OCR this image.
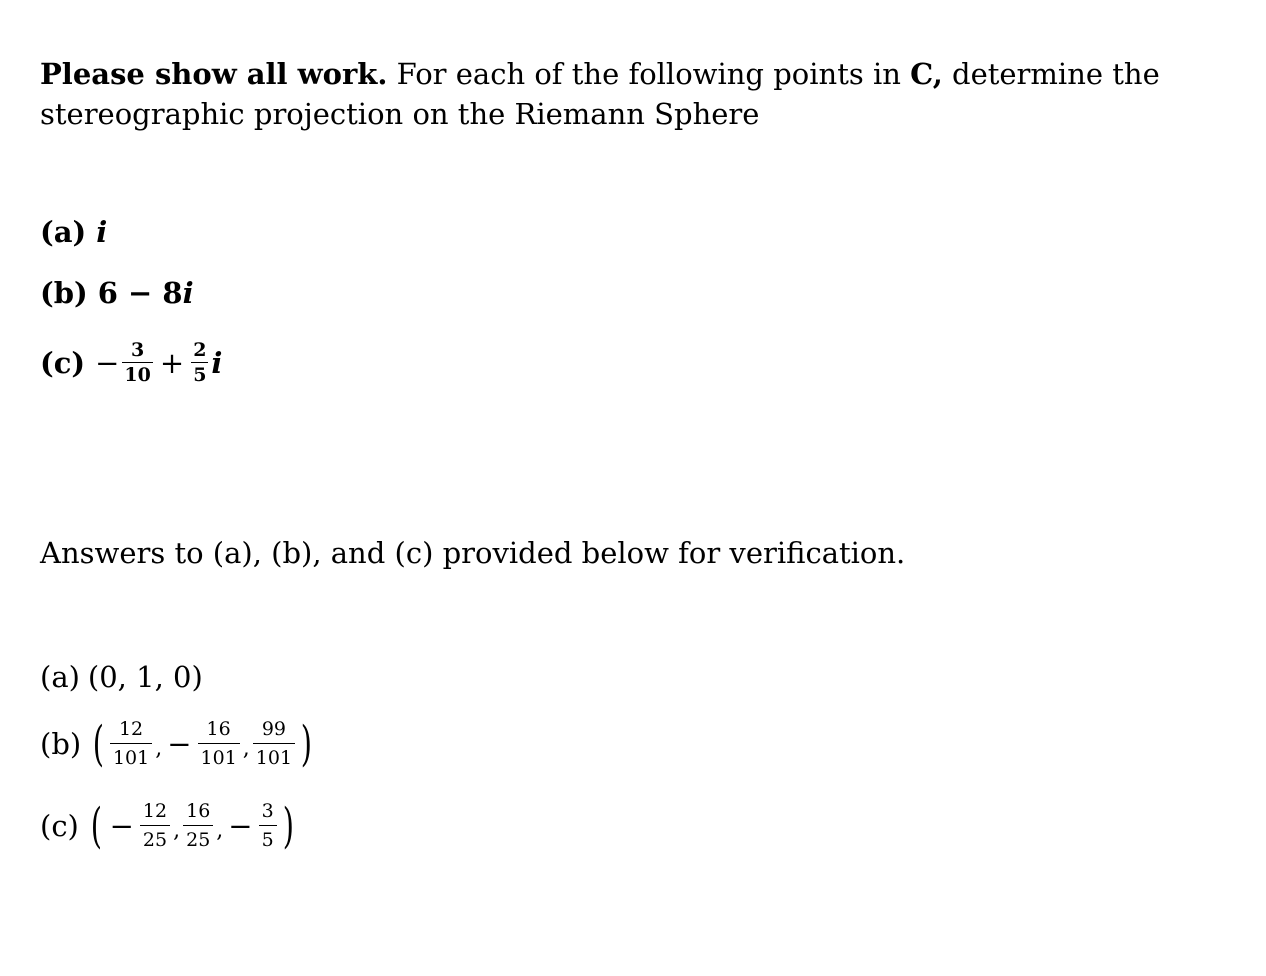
Please show all work. For each of the following points in C, determine the stereographic projection on the Riemann Sphere
(a) i
(b) 6 − 8 i
$(c) - \frac{3}{10} + \frac{2}{5}$ i
Answers to (a), (b), and (c) provided below for verification.
(a) (0, 1, 0)
(b) ( $\frac{12}{101}$ , − $\frac{16}{101}$ , $\frac{99}{101}$ )
(c) ( − $\frac{12}{25}$ , $\frac{16}{25}$ , − $\frac{3}{5}$ )
